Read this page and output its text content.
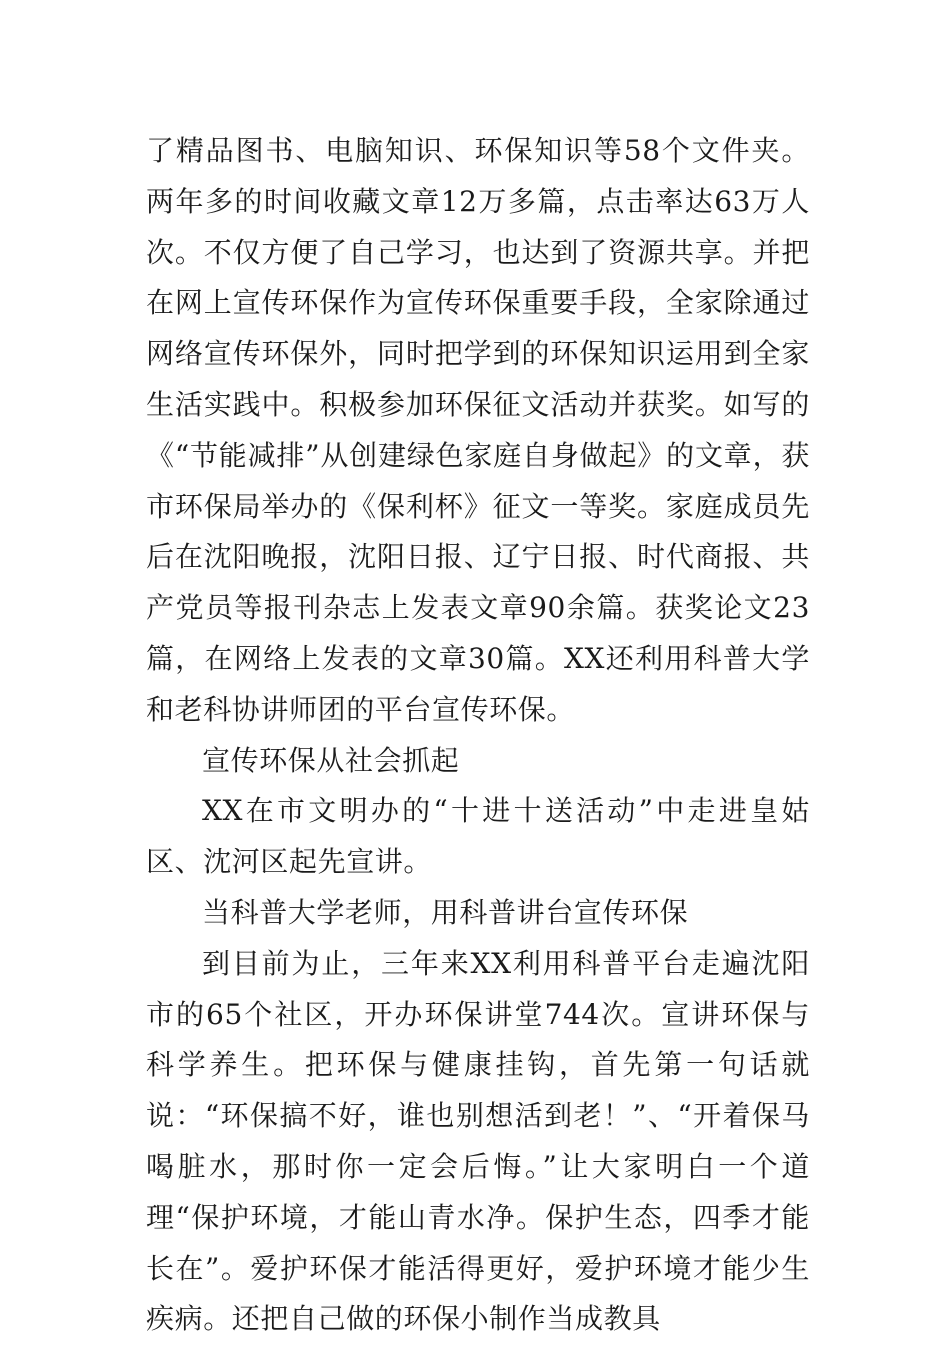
了精品图书、电脑知识、环保知识等58个文件夹。两年多的时间收藏文章12万多篇，点击率达63万人次。不仅方便了自己学习，也达到了资源共享。并把在网上宣传环保作为宣传环保重要手段，全家除通过网络宣传环保外，同时把学到的环保知识运用到全家生活实践中。积极参加环保征文活动并获奖。如写的《“节能减排”从创建绿色家庭自身做起》的文章，获市环保局举办的《保利杯》征文一等奖。家庭成员先后在沈阳晚报，沈阳日报、辽宁日报、时代商报、共产党员等报刊杂志上发表文章90余篇。获奖论文23篇，在网络上发表的文章30篇。XX还利用科普大学和老科协讲师团的平台宣传环保。

宣传环保从社会抓起

XX在市文明办的“十进十送活动”中走进皇姑区、沈河区起先宣讲。

当科普大学老师，用科普讲台宣传环保

到目前为止，三年来XX利用科普平台走遍沈阳市的65个社区，开办环保讲堂744次。宣讲环保与科学养生。把环保与健康挂钩，首先第一句话就说：“环保搞不好，谁也别想活到老！”、“开着保马喝脏水，那时你一定会后悔。”让大家明白一个道理“保护环境，才能山青水净。保护生态，四季才能长在”。爱护环保才能活得更好，爱护环境才能少生疾病。还把自己做的环保小制作当成教具
